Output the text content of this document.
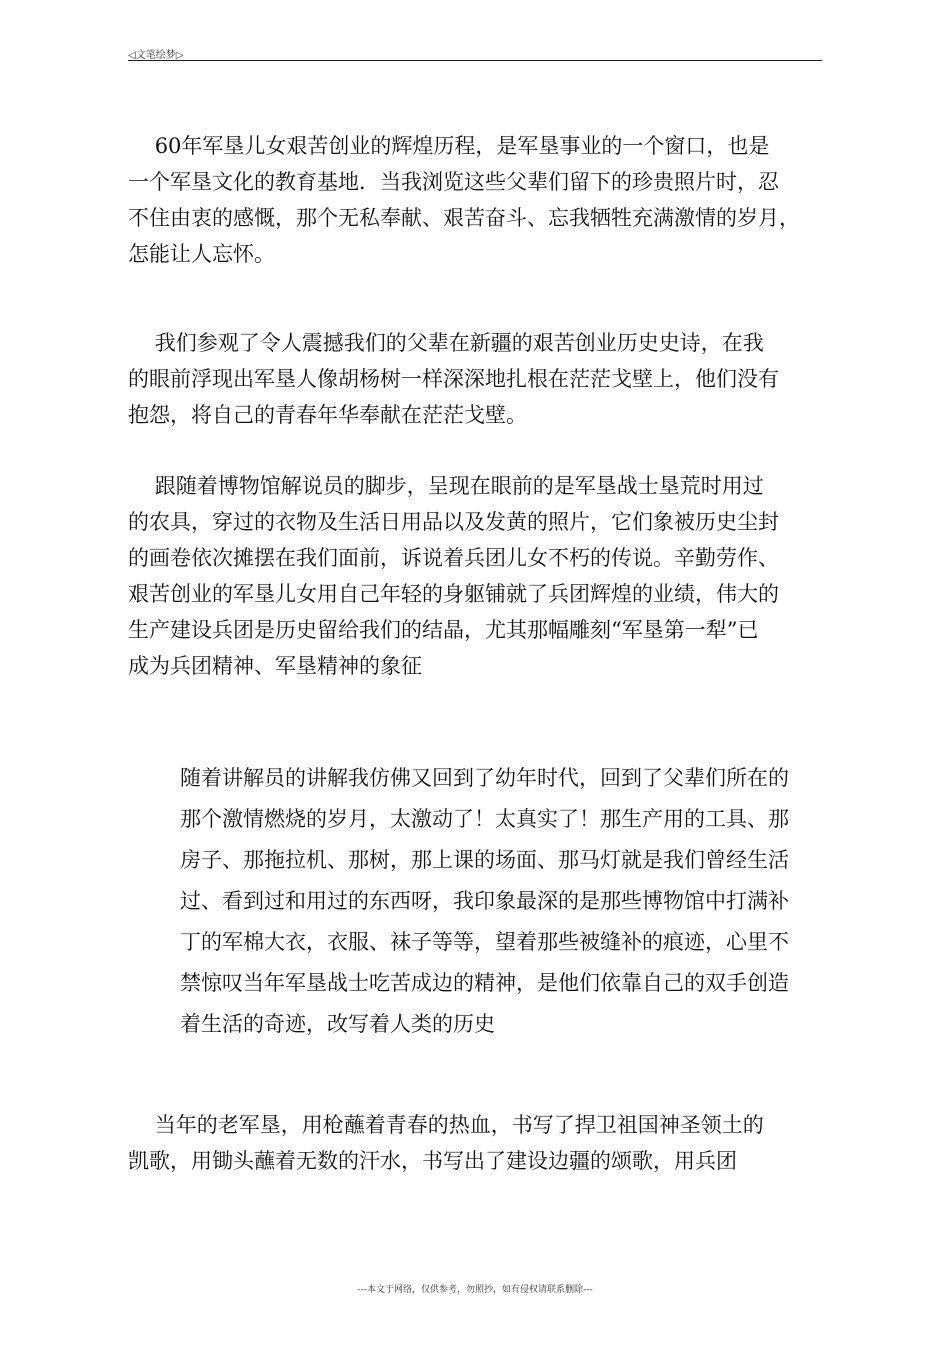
◁文笔绘梦▷
60年军垦儿女艰苦创业的辉煌历程，是军垦事业的一个窗口，也是
一个军垦文化的教育基地．当我浏览这些父辈们留下的珍贵照片时，忍
不住由衷的感慨，那个无私奉献、艰苦奋斗、忘我牺牲充满激情的岁月，
怎能让人忘怀。
我们参观了令人震撼我们的父辈在新疆的艰苦创业历史史诗，在我
的眼前浮现出军垦人像胡杨树一样深深地扎根在茫茫戈壁上，他们没有
抱怨，将自己的青春年华奉献在茫茫戈壁。
跟随着博物馆解说员的脚步，呈现在眼前的是军垦战士垦荒时用过
的农具，穿过的衣物及生活日用品以及发黄的照片，它们象被历史尘封
的画卷依次摊摆在我们面前，诉说着兵团儿女不朽的传说。辛勤劳作、
艰苦创业的军垦儿女用自己年轻的身躯铺就了兵团辉煌的业绩，伟大的
生产建设兵团是历史留给我们的结晶，尤其那幅雕刻“军垦第一犁”已
成为兵团精神、军垦精神的象征
随着讲解员的讲解我仿佛又回到了幼年时代，回到了父辈们所在的
那个激情燃烧的岁月，太激动了！太真实了！那生产用的工具、那
房子、那拖拉机、那树，那上课的场面、那马灯就是我们曾经生活
过、看到过和用过的东西呀，我印象最深的是那些博物馆中打满补
丁的军棉大衣，衣服、袜子等等，望着那些被缝补的痕迹，心里不
禁惊叹当年军垦战士吃苦成边的精神，是他们依靠自己的双手创造
着生活的奇迹，改写着人类的历史
当年的老军垦，用枪蘸着青春的热血，书写了捍卫祖国神圣领土的
凯歌，用锄头蘸着无数的汗水，书写出了建设边疆的颂歌，用兵团
---本文于网络，仅供参考，勿照抄，如有侵权请联系删除---
